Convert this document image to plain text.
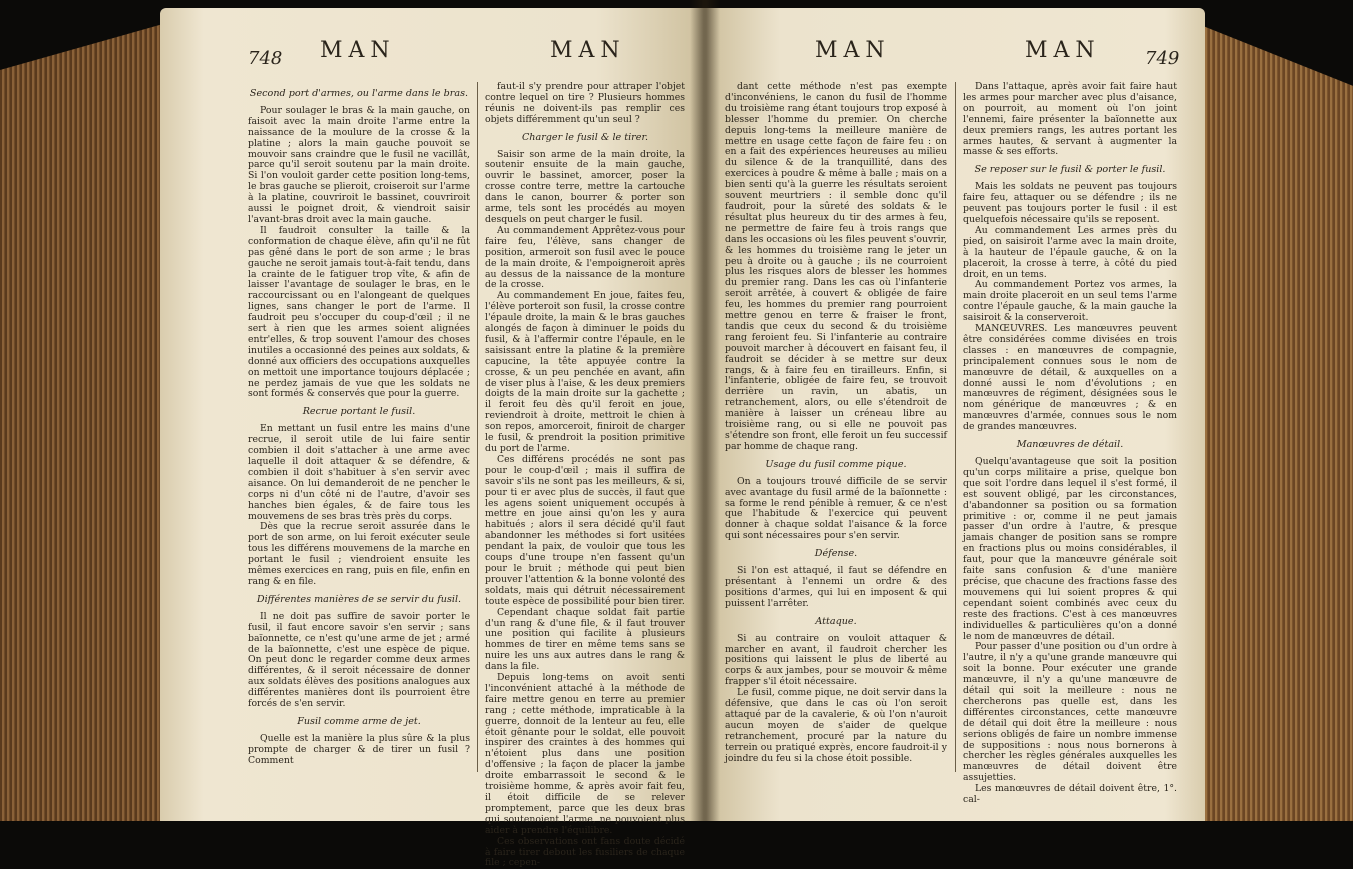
748 MAN	MAN
Second port d'armes, ou l'arme dans le bras.

Pour soulager le bras & la main gauche, on faisoit avec la main droite l'arme entre la naissance de la moulure de la crosse & la platine ; alors la main gauche pouvoit se mouvoir sans craindre que le fusil ne vacillât, parce qu'il seroit soutenu par la main droite. Si l'on vouloit garder cette position long-tems, le bras gauche se plieroit, croiseroit sur l'arme à la platine, couvriroit le bassinet, couvriroit aussi le poignet droit, & viendroit saisir l'avant-bras droit avec la main gauche.

Il faudroit consulter la taille & la conformation de chaque élève, afin qu'il ne fût pas gêné dans le port de son arme ; le bras gauche ne seroit jamais tout-à-fait tendu, dans la crainte de le fatiguer trop vîte, & afin de laisser l'avantage de soulager le bras, en le raccourcissant ou en l'alongeant de quelques lignes, sans changer le port de l'arme. Il faudroit peu s'occuper du coup-d'œil ; il ne sert à rien que les armes soient alignées entr'elles, & trop souvent l'amour des choses inutiles a occasionné des peines aux soldats, & donné aux officiers des occupations auxquelles on mettoit une importance toujours déplacée ; ne perdez jamais de vue que les soldats ne sont formés & conservés que pour la guerre.

Recrue portant le fusil.

En mettant un fusil entre les mains d'une recrue, il seroit utile de lui faire sentir combien il doit s'attacher à une arme avec laquelle il doit attaquer & se défendre, & combien il doit s'habituer à s'en servir avec aisance. On lui demanderoit de ne pencher le corps ni d'un côté ni de l'autre, d'avoir ses hanches bien égales, & de faire tous les mouvemens de ses bras très près du corps.

Dès que la recrue seroit assurée dans le port de son arme, on lui feroit exécuter seule tous les différens mouvemens de la marche en portant le fusil ; viendroient ensuite les mêmes exercices en rang, puis en file, enfin en rang & en file.

Différentes manières de se servir du fusil.

Il ne doit pas suffire de savoir porter le fusil, il faut encore savoir s'en servir ; sans baïonnette, ce n'est qu'une arme de jet ; armé de la baïonnette, c'est une espèce de pique. On peut donc le regarder comme deux armes différentes, & il seroit nécessaire de donner aux soldats élèves des positions analogues aux différentes manières dont ils pourroient être forcés de s'en servir.

Fusil comme arme de jet.

Quelle est la manière la plus sûre & la plus prompte de charger & de tirer un fusil ? Comment

faut-il s'y prendre pour attraper l'objet contre lequel on tire ? Plusieurs hommes réunis ne doivent-ils pas remplir ces objets différemment qu'un seul ?

Charger le fusil & le tirer.

Saisir son arme de la main droite, la soutenir ensuite de la main gauche, ouvrir le bassinet, amorcer, poser la crosse contre terre, mettre la cartouche dans le canon, bourrer & porter son arme, tels sont les procédés au moyen desquels on peut charger le fusil.

Au commandement Apprêtez-vous pour faire feu, l'élève, sans changer de position, armeroit son fusil avec le pouce de la main droite, & l'empoigneroit après au dessus de la naissance de la monture de la crosse.

Au commandement En joue, faites feu, l'élève porteroit son fusil, la crosse contre l'épaule droite, la main & le bras gauches alongés de façon à diminuer le poids du fusil, & à l'affermir contre l'épaule, en le saisissant entre la platine & la première capucine, la tête appuyée contre la crosse, & un peu penchée en avant, afin de viser plus à l'aise, & les deux premiers doigts de la main droite sur la gachette ; il feroit feu dès qu'il feroit en joue, reviendroit à droite, mettroit le chien à son repos, amorceroit, finiroit de charger le fusil, & prendroit la position primitive du port de l'arme.

Ces différens procédés ne sont pas pour le coup-d'œil ; mais il suffira de savoir s'ils ne sont pas les meilleurs, & si, pour ti er avec plus de succès, il faut que les agens soient uniquement occupés à mettre en joue ainsi qu'on les y aura habitués ; alors il sera décidé qu'il faut abandonner les méthodes si fort usitées pendant la paix, de vouloir que tous les coups d'une troupe n'en fassent qu'un pour le bruit ; méthode qui peut bien prouver l'attention & la bonne volonté des soldats, mais qui détruit nécessairement toute espèce de possibilité pour bien tirer.

Cependant chaque soldat fait partie d'un rang & d'une file, & il faut trouver une position qui facilite à plusieurs hommes de tirer en même tems sans se nuire les uns aux autres dans le rang & dans la file.

Depuis long-tems on avoit senti l'inconvénient attaché à la méthode de faire mettre genou en terre au premier rang ; cette méthode, impraticable à la guerre, donnoit de la lenteur au feu, elle étoit gênante pour le soldat, elle pouvoit inspirer des craintes à des hommes qui n'étoient plus dans une position d'offensive ; la façon de placer la jambe droite embarrassoit le second & le troisième homme, & après avoir fait feu, il étoit difficile de se relever promptement, parce que les deux bras qui soutenoient l'arme, ne pouvoient plus aider à prendre l'équilibre.

Ces observations ont fans doute décidé à faire tirer debout les fusiliers de chaque file ; cepen-

MAN	MAN 749

dant cette méthode n'est pas exempte d'inconvéniens, le canon du fusil de l'homme du troisième rang étant toujours trop exposé à blesser l'homme du premier. On cherche depuis long-tems la meilleure manière de mettre en usage cette façon de faire feu : on en a fait des expériences heureuses au milieu du silence & de la tranquillité, dans des exercices à poudre & même à balle ; mais on a bien senti qu'à la guerre les résultats seroient souvent meurtriers : il semble donc qu'il faudroit, pour la sûreté des soldats & le résultat plus heureux du tir des armes à feu, ne permettre de faire feu à trois rangs que dans les occasions où les files peuvent s'ouvrir, & les hommes du troisième rang le jeter un peu à droite ou à gauche ; ils ne courroient plus les risques alors de blesser les hommes du premier rang. Dans les cas où l'infanterie seroit arrêtée, à couvert & obligée de faire feu, les hommes du premier rang pourroient mettre genou en terre & fraiser le front, tandis que ceux du second & du troisième rang feroient feu. Si l'infanterie au contraire pouvoit marcher à découvert en faisant feu, il faudroit se décider à se mettre sur deux rangs, & à faire feu en tirailleurs. Enfin, si l'infanterie, obligée de faire feu, se trouvoit derrière un ravin, un abatis, un retranchement, alors, ou elle s'étendroit de manière à laisser un créneau libre au troisième rang, ou si elle ne pouvoit pas s'étendre son front, elle feroit un feu successif par homme de chaque rang.

Usage du fusil comme pique.

On a toujours trouvé difficile de se servir avec avantage du fusil armé de la baïonnette : sa forme le rend pénible à remuer, & ce n'est que l'habitude & l'exercice qui peuvent donner à chaque soldat l'aisance & la force qui sont nécessaires pour s'en servir.

Défense.

Si l'on est attaqué, il faut se défendre en présentant à l'ennemi un ordre & des positions d'armes, qui lui en imposent & qui puissent l'arrêter.

Attaque.

Si au contraire on vouloit attaquer & marcher en avant, il faudroit chercher les positions qui laissent le plus de liberté au corps & aux jambes, pour se mouvoir & même frapper s'il étoit nécessaire.

Le fusil, comme pique, ne doit servir dans la défensive, que dans le cas où l'on seroit attaqué par de la cavalerie, & où l'on n'auroit aucun moyen de s'aider de quelque retranchement, procuré par la nature du terrein ou pratiqué exprès, encore faudroit-il y joindre du feu si la chose étoit possible.

Dans l'attaque, après avoir fait faire haut les armes pour marcher avec plus d'aisance, on pourroit, au moment où l'on joint l'ennemi, faire présenter la baïonnette aux deux premiers rangs, les autres portant les armes hautes, & servant à augmenter la masse & ses efforts.

Se reposer sur le fusil & porter le fusil.

Mais les soldats ne peuvent pas toujours faire feu, attaquer ou se défendre ; ils ne peuvent pas toujours porter le fusil : il est quelquefois nécessaire qu'ils se reposent.

Au commandement Les armes près du pied, on saisiroit l'arme avec la main droite, à la hauteur de l'épaule gauche, & on la placeroit, la crosse à terre, à côté du pied droit, en un tems.

Au commandement Portez vos armes, la main droite placeroit en un seul tems l'arme contre l'épaule gauche, & la main gauche la saisiroit & la conserveroit.

MANŒUVRES. Les manœuvres peuvent être considérées comme divisées en trois classes : en manœuvres de compagnie, principalement connues sous le nom de manœuvre de détail, & auxquelles on a donné aussi le nom d'évolutions ; en manœuvres de régiment, désignées sous le nom générique de manœuvres ; & en manœuvres d'armée, connues sous le nom de grandes manœuvres.

Manœuvres de détail.

Quelqu'avantageuse que soit la position qu'un corps militaire a prise, quelque bon que soit l'ordre dans lequel il s'est formé, il est souvent obligé, par les circonstances, d'abandonner sa position ou sa formation primitive : or, comme il ne peut jamais passer d'un ordre à l'autre, & presque jamais changer de position sans se rompre en fractions plus ou moins considérables, il faut, pour que la manœuvre générale soit faite sans confusion & d'une manière précise, que chacune des fractions fasse des mouvemens qui lui soient propres & qui cependant soient combinés avec ceux du reste des fractions. C'est à ces manœuvres individuelles & particulières qu'on a donné le nom de manœuvres de détail.

Pour passer d'une position ou d'un ordre à l'autre, il n'y a qu'une grande manœuvre qui soit la bonne. Pour exécuter une grande manœuvre, il n'y a qu'une manœuvre de détail qui soit la meilleure : nous ne chercherons pas quelle est, dans les différentes circonstances, cette manœuvre de détail qui doit être la meilleure : nous serions obligés de faire un nombre immense de suppositions : nous nous bornerons à chercher les règles générales auxquelles les manœuvres de détail doivent être assujetties.

Les manœuvres de détail doivent être, 1°. cal-
